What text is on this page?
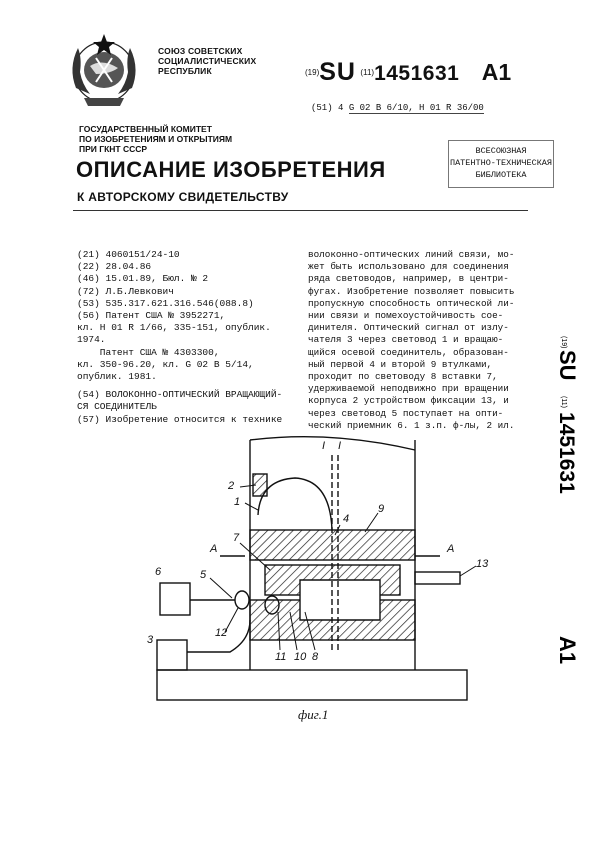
СОЮЗ СОВЕТСКИХ
СОЦИАЛИСТИЧЕСКИХ
РЕСПУБЛИК	$^{(19)}$SU $^{(11)}$1451631 A1
(51) 4 G 02 B 6/10, H 01 R 36/00
ГОСУДАРСТВЕННЫЙ КОМИТЕТ
ПО ИЗОБРЕТЕНИЯМ И ОТКРЫТИЯМ
ПРИ ГКНТ СССР	ВСЕСОЮЗНАЯ
ПАТЕНТНО-ТЕХНИЧЕСКАЯ
БИБЛИОТЕКА
ОПИСАНИЕ ИЗОБРЕТЕНИЯ
К АВТОРСКОМУ СВИДЕТЕЛЬСТВУ
(21) 4060151/24-10
(22) 28.04.86
(46) 15.01.89, Бюл. № 2
(72) Л.Б.Левкович
(53) 535.317.621.316.546(088.8)
(56) Патент США № 3952271,
кл. H 01 R 1/66, 335-151, опублик.
1974.
Патент США № 4303300,
кл. 350-96.20, кл. G 02 B 5/14,
опублик. 1981.
(54) ВОЛОКОННО-ОПТИЧЕСКИЙ ВРАЩАЮЩИЙ-
СЯ СОЕДИНИТЕЛЬ
(57) Изобретение относится к технике
волоконно-оптических линий связи, мо-
жет быть использовано для соединения
ряда световодов, например, в центри-
фугах. Изобретение позволяет повысить
пропускную способность оптической ли-
нии связи и помехоустойчивость сое-
динителя. Оптический сигнал от излу-
чателя 3 через световод 1 и вращаю-
щийся осевой соединитель, образован-
ный первой 4 и второй 9 втулками,
проходит по световоду 8 вставки 7,
удерживаемой неподвижно при вращении
корпуса 2 устройством фиксации 13, и
через световод 5 поступает на опти-
ческий приемник 6. 1 з.п. ф-лы, 2 ил.
(19)
SU
(11)
1451631
A1
2
1
4
9
7
А	А
13
6	5
3
12
11 10 8
I I
фиг.1
